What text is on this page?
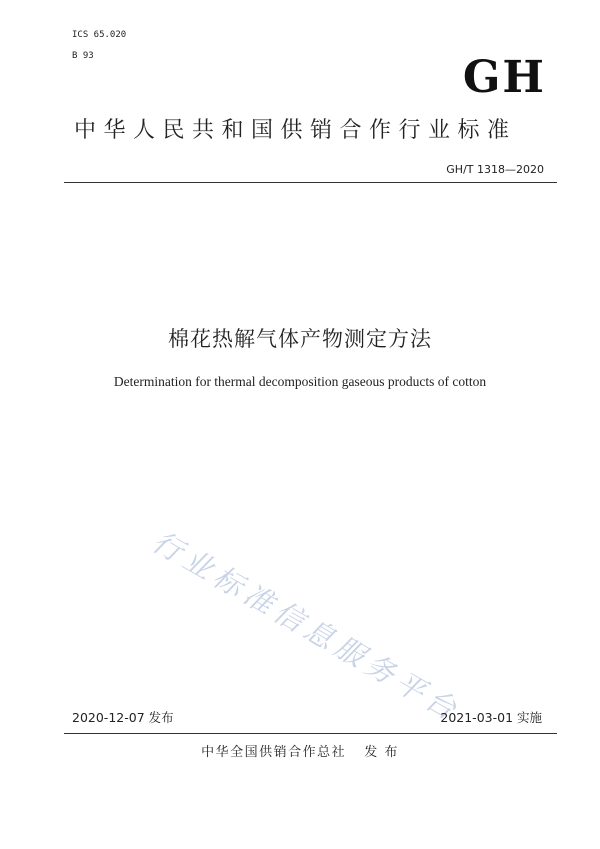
ICS 65.020
B 93	GH
中华人民共和国供销合作行业标准
GH/T 1318—2020
棉花热解气体产物测定方法
Determination for thermal decomposition gaseous products of cotton
行业标准信息服务平台
2020-12-07 发布	2021-03-01 实施
中华全国供销合作总社 发 布
